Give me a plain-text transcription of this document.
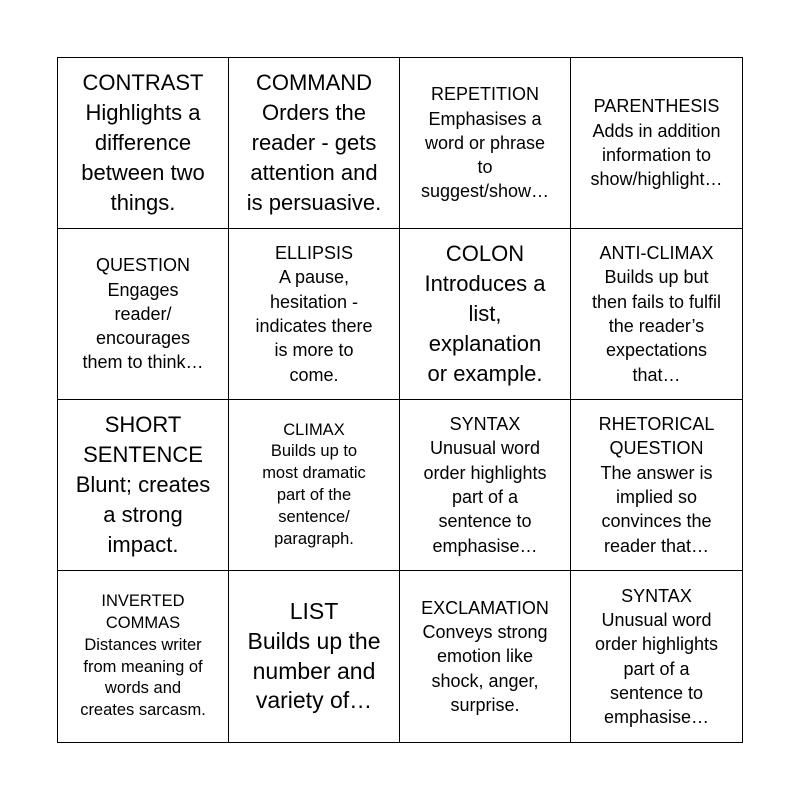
CONTRAST
Highlights a
difference
between two
things.
COMMAND
Orders the
reader - gets
attention and
is persuasive.
REPETITION
Emphasises a
word or phrase
to
suggest/show…
PARENTHESIS
Adds in addition
information to
show/highlight…
QUESTION
Engages
reader/
encourages
them to think…
ELLIPSIS
A pause,
hesitation -
indicates there
is more to
come.
COLON
Introduces a
list,
explanation
or example.
ANTI-CLIMAX
Builds up but
then fails to fulfil
the reader’s
expectations
that…
SHORT
SENTENCE
Blunt; creates
a strong
impact.
CLIMAX
Builds up to
most dramatic
part of the
sentence/
paragraph.
SYNTAX
Unusual word
order highlights
part of a
sentence to
emphasise…
RHETORICAL
QUESTION
The answer is
implied so
convinces the
reader that…
INVERTED
COMMAS
Distances writer
from meaning of
words and
creates sarcasm.
LIST
Builds up the
number and
variety of…
EXCLAMATION
Conveys strong
emotion like
shock, anger,
surprise.
SYNTAX
Unusual word
order highlights
part of a
sentence to
emphasise…
